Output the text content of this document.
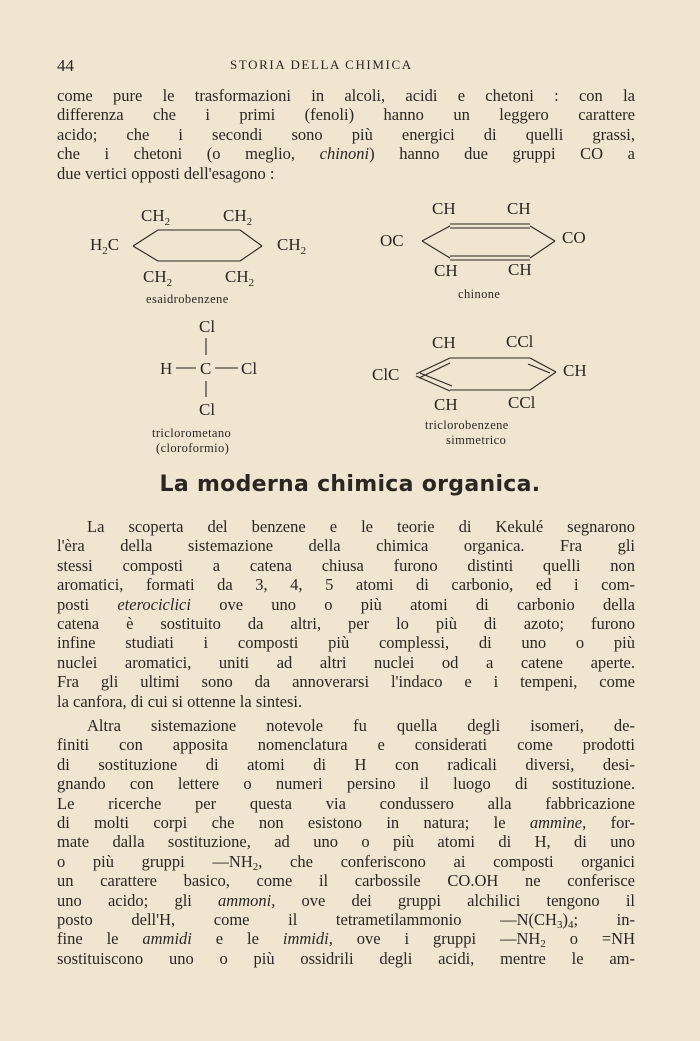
44	STORIA DELLA CHIMICA
come pure le trasformazioni in alcoli, acidi e chetoni : con la
differenza che i primi (fenoli) hanno un leggero carattere
acido; che i secondi sono più energici di quelli grassi,
che i chetoni (o meglio, chinoni) hanno due gruppi CO a
due vertici opposti dell'esagono :
$CH_2$	$CH_2$
$H_2C$	$CH_2$
$CH_2$	$CH_2$
esaidrobenzene
CH	CH
OC	CO
CH	CH
chinone
Cl
H C Cl
Cl
triclorometano
(cloroformio)
CH	CCl
ClC	CH
CH	CCl
triclorobenzene
simmetrico
La moderna chimica organica.
La scoperta del benzene e le teorie di Kekulé segnarono
l'èra della sistemazione della chimica organica. Fra gli
stessi composti a catena chiusa furono distinti quelli non
aromatici, formati da 3, 4, 5 atomi di carbonio, ed i com-
posti eterociclici ove uno o più atomi di carbonio della
catena è sostituito da altri, per lo più di azoto; furono
infine studiati i composti più complessi, di uno o più
nuclei aromatici, uniti ad altri nuclei od a catene aperte.
Fra gli ultimi sono da annoverarsi l'indaco e i tempeni, come
la canfora, di cui si ottenne la sintesi.
Altra sistemazione notevole fu quella degli isomeri, de-
finiti con apposita nomenclatura e considerati come prodotti
di sostituzione di atomi di H con radicali diversi, desi-
gnando con lettere o numeri persino il luogo di sostituzione.
Le ricerche per questa via condussero alla fabbricazione
di molti corpi che non esistono in natura; le ammine, for-
mate dalla sostituzione, ad uno o più atomi di H, di uno
o più gruppi $—NH_2$, che conferiscono ai composti organici
un carattere basico, come il carbossile CO.OH ne conferisce
uno acido; gli ammoni, ove dei gruppi alchilici tengono il
posto dell'H, come il tetrametilammonio $—N(CH_3)_4$; in-
fine le ammidi e le immidi, ove i gruppi $—NH_2$ o =NH
sostituiscono uno o più ossidrili degli acidi, mentre le am-
